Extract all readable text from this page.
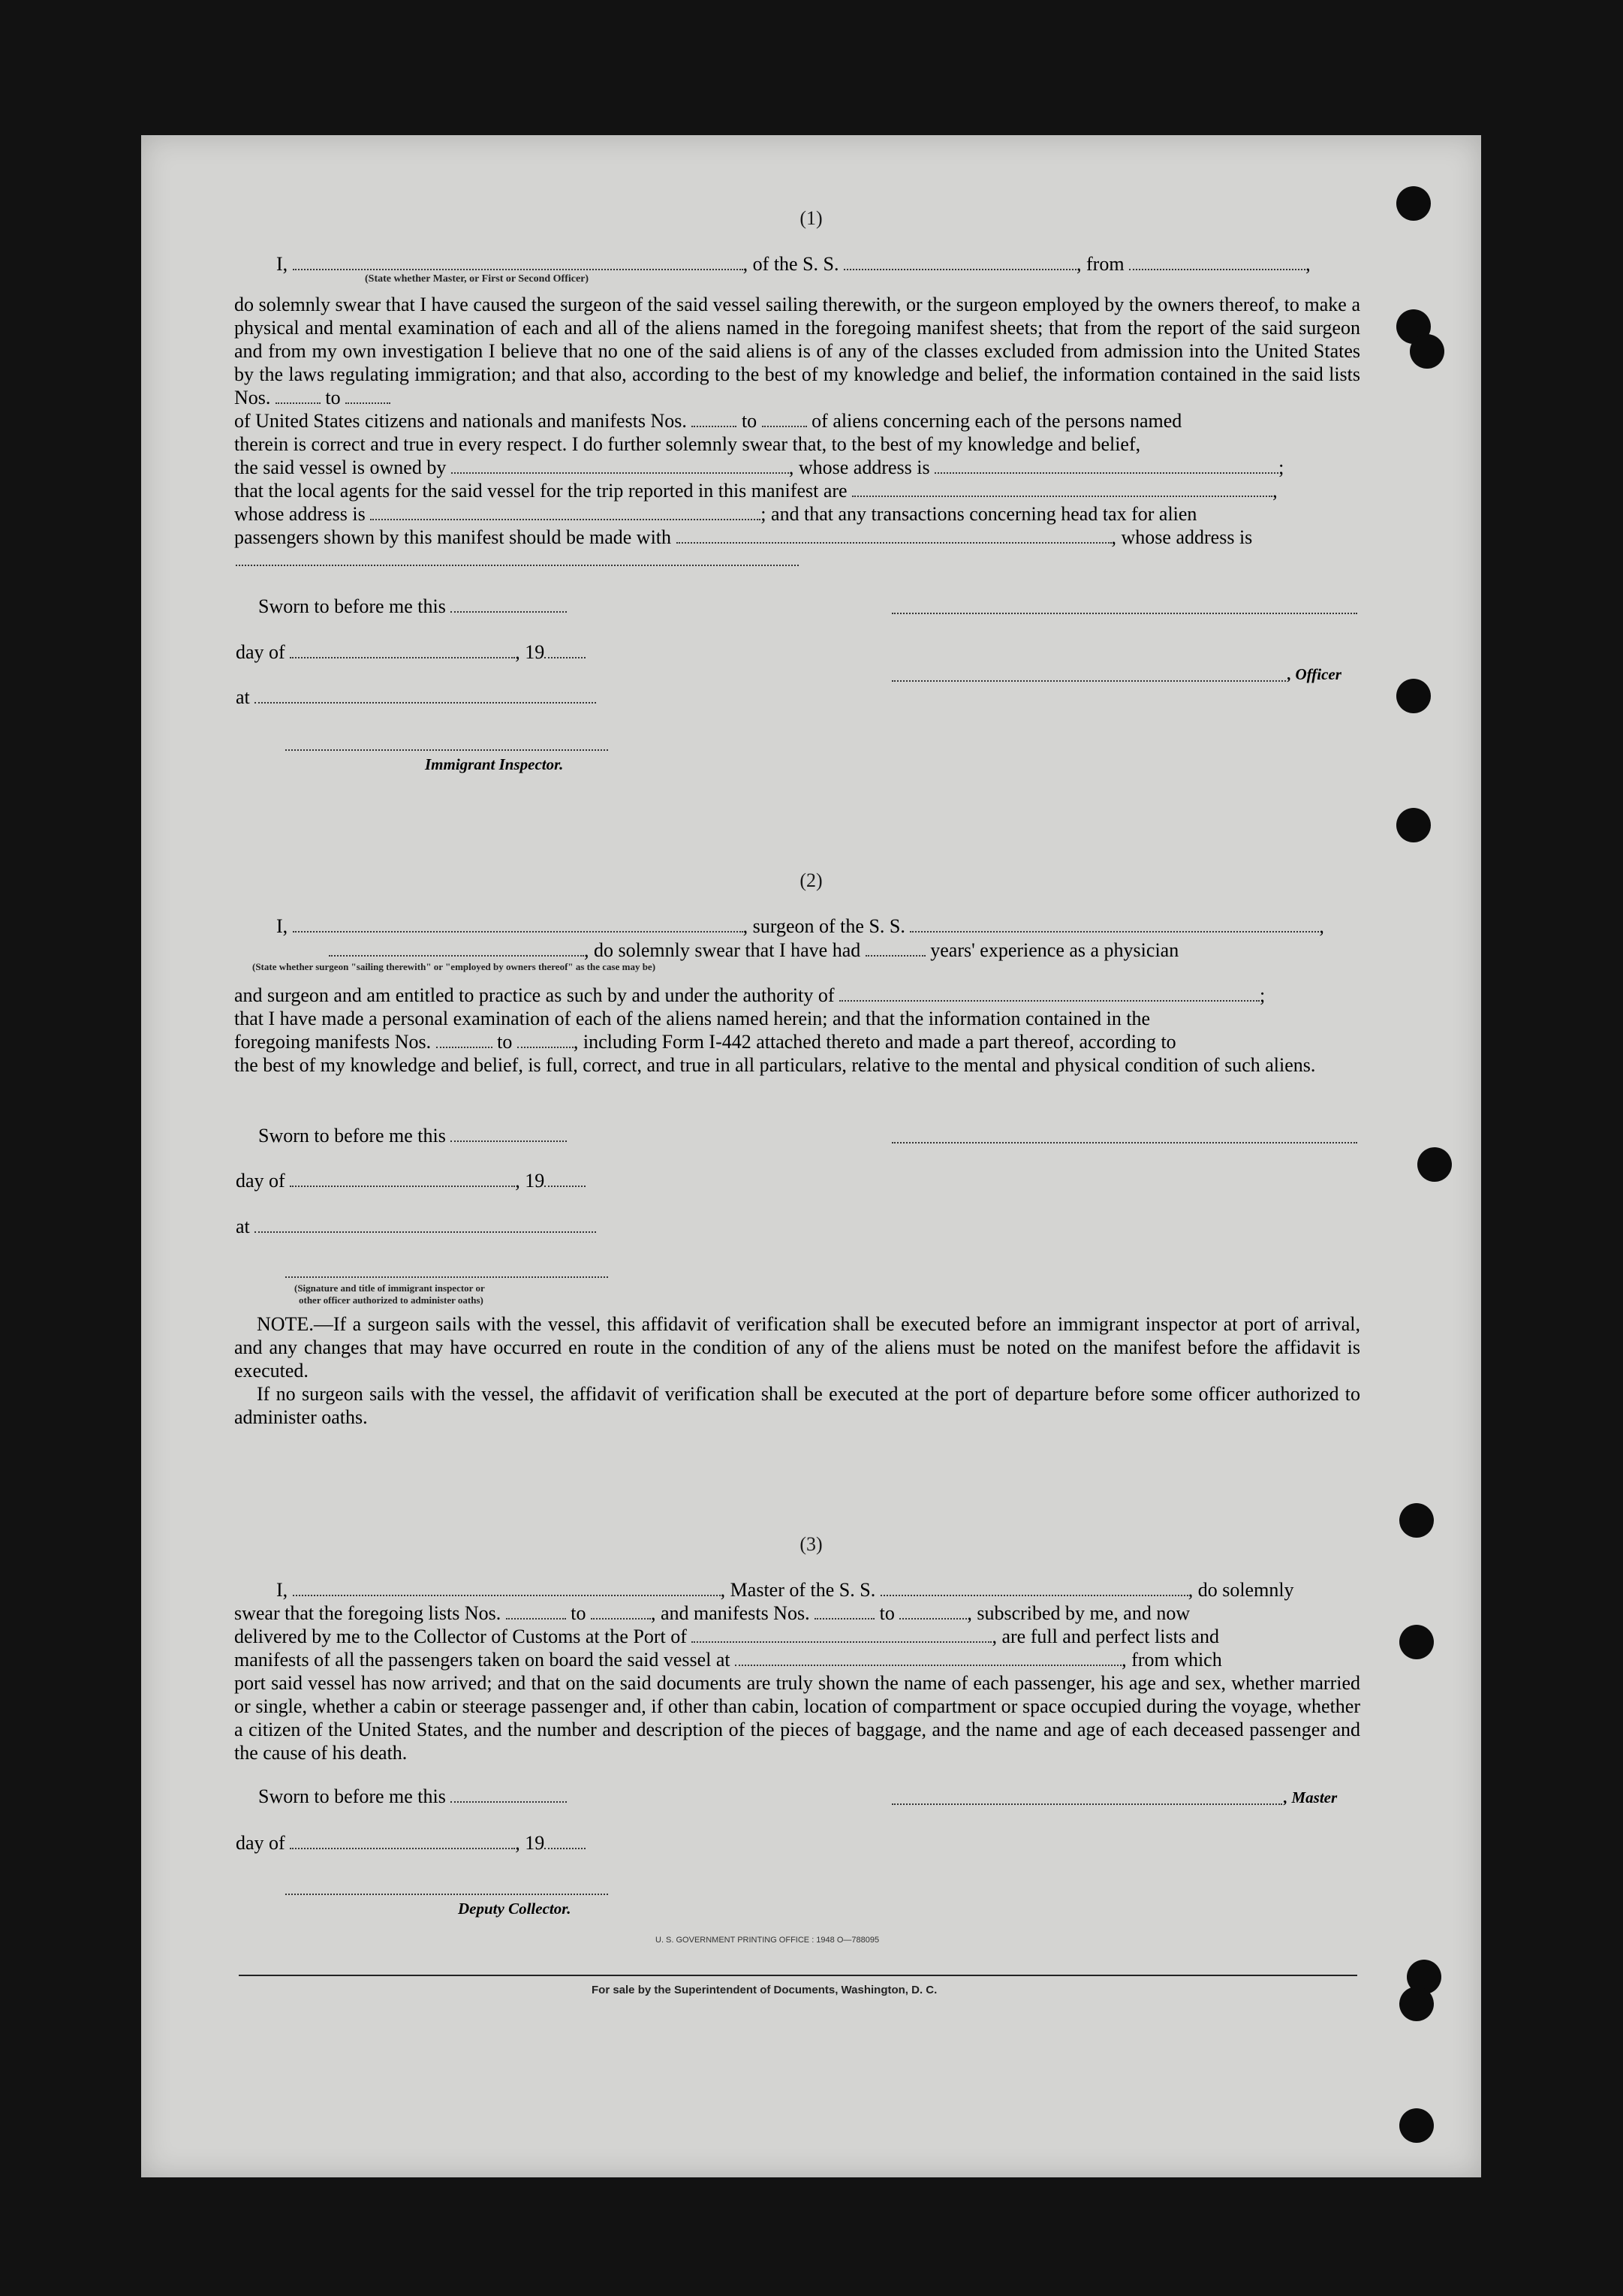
(1)
I,	, of the S. S.	, from	,
(State whether Master, or First or Second Officer)
do solemnly swear that I have caused the surgeon of the said vessel sailing therewith, or the surgeon employed by the owners thereof, to make a physical and mental examination of each and all of the aliens named in the foregoing manifest sheets; that from the report of the said surgeon and from my own investigation I believe that no one of the said aliens is of any of the classes excluded from admission into the United States by the laws regulating immigration; and that also, according to the best of my knowledge and belief, the information contained in the said lists Nos.	to
of United States citizens and nationals and manifests Nos.	to	of aliens concerning each of the persons named
therein is correct and true in every respect. I do further solemnly swear that, to the best of my knowledge and belief,
the said vessel is owned by	, whose address is	;
that the local agents for the said vessel for the trip reported in this manifest are	,
whose address is	; and that any transactions concerning head tax for alien
passengers shown by this manifest should be made with	, whose address is
Sworn to before me this
day of	, 19
, Officer
at
Immigrant Inspector.
(2)
I,	, surgeon of the S. S.	,
, do solemnly swear that I have had	years' experience as a physician
(State whether surgeon "sailing therewith" or "employed by owners thereof" as the case may be)
and surgeon and am entitled to practice as such by and under the authority of	;
that I have made a personal examination of each of the aliens named herein; and that the information contained in the
foregoing manifests Nos.	to	, including Form I-442 attached thereto and made a part thereof, according to
the best of my knowledge and belief, is full, correct, and true in all particulars, relative to the mental and physical condition of such aliens.
Sworn to before me this
day of	, 19
at
(Signature and title of immigrant inspector or
other officer authorized to administer oaths)
NOTE.—If a surgeon sails with the vessel, this affidavit of verification shall be executed before an immigrant inspector at port of arrival, and any changes that may have occurred en route in the condition of any of the aliens must be noted on the manifest before the affidavit is executed.
If no surgeon sails with the vessel, the affidavit of verification shall be executed at the port of departure before some officer authorized to administer oaths.
(3)
I,	, Master of the S. S.	, do solemnly
swear that the foregoing lists Nos.	to	, and manifests Nos.	to	, subscribed by me, and now
delivered by me to the Collector of Customs at the Port of	, are full and perfect lists and
manifests of all the passengers taken on board the said vessel at	, from which
port said vessel has now arrived; and that on the said documents are truly shown the name of each passenger, his age and sex, whether married or single, whether a cabin or steerage passenger and, if other than cabin, location of compartment or space occupied during the voyage, whether a citizen of the United States, and the number and description of the pieces of baggage, and the name and age of each deceased passenger and the cause of his death.
Sworn to before me this	, Master
day of	, 19
Deputy Collector.
U. S. GOVERNMENT PRINTING OFFICE : 1948 O—788095
For sale by the Superintendent of Documents, Washington, D. C.
